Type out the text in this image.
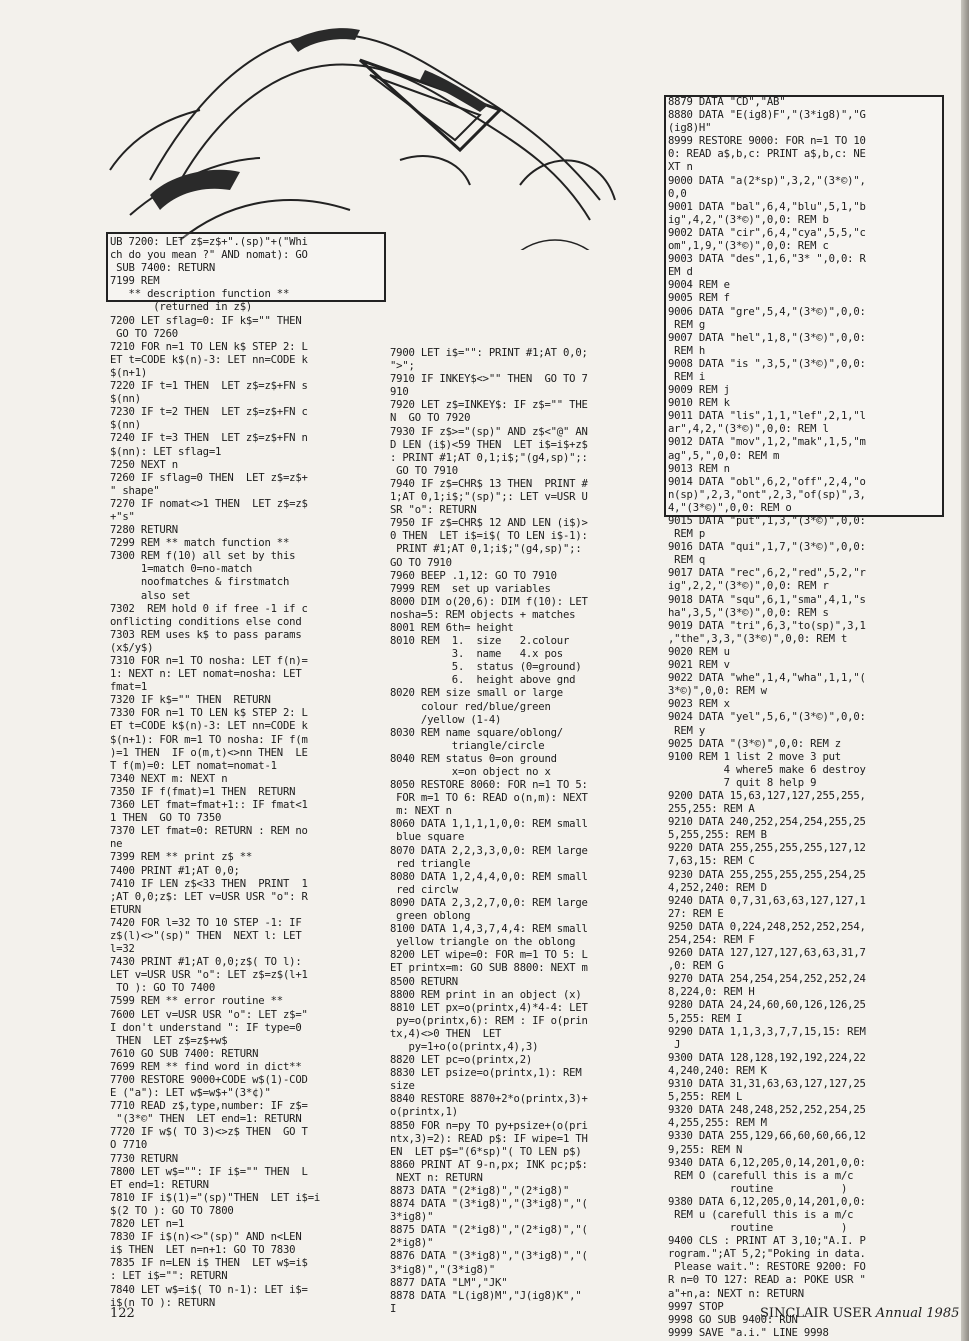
UB 7200: LET z$=z$+".(sp)"+("Whi
ch do you mean ?" AND nomat): GO
SUB 7400: RETURN
7199 REM
** description function **
(returned in z$)
7200 LET sflag=0: IF k$="" THEN
GO TO 7260
7210 FOR n=1 TO LEN k$ STEP 2: L
ET t=CODE k$(n)-3: LET nn=CODE k
$(n+1)
7220 IF t=1 THEN  LET z$=z$+FN s
$(nn)
7230 IF t=2 THEN  LET z$=z$+FN c
$(nn)
7240 IF t=3 THEN  LET z$=z$+FN n
$(nn): LET sflag=1
7250 NEXT n
7260 IF sflag=0 THEN  LET z$=z$+
" shape"
7270 IF nomat<>1 THEN  LET z$=z$
+"s"
7280 RETURN
7299 REM ** match function **
7300 REM f(10) all set by this
1=match 0=no-match
noofmatches & firstmatch
also set
7302  REM hold 0 if free -1 if c
onflicting conditions else cond
7303 REM uses k$ to pass params
(x$/y$)
7310 FOR n=1 TO nosha: LET f(n)=
1: NEXT n: LET nomat=nosha: LET
fmat=1
7320 IF k$="" THEN  RETURN
7330 FOR n=1 TO LEN k$ STEP 2: L
ET t=CODE k$(n)-3: LET nn=CODE k
$(n+1): FOR m=1 TO nosha: IF f(m
)=1 THEN  IF o(m,t)<>nn THEN  LE
T f(m)=0: LET nomat=nomat-1
7340 NEXT m: NEXT n
7350 IF f(fmat)=1 THEN  RETURN
7360 LET fmat=fmat+1:: IF fmat<1
1 THEN  GO TO 7350
7370 LET fmat=0: RETURN : REM no
ne
7399 REM ** print z$ **
7400 PRINT #1;AT 0,0;
7410 IF LEN z$<33 THEN  PRINT  1
;AT 0,0;z$: LET v=USR USR "o": R
ETURN
7420 FOR l=32 TO 10 STEP -1: IF
z$(l)<>"(sp)" THEN  NEXT l: LET
l=32
7430 PRINT #1;AT 0,0;z$( TO l):
LET v=USR USR "o": LET z$=z$(l+1
TO ): GO TO 7400
7599 REM ** error routine **
7600 LET v=USR USR "o": LET z$="
I don't understand ": IF type=0
THEN  LET z$=z$+w$
7610 GO SUB 7400: RETURN
7699 REM ** find word in dict**
7700 RESTORE 9000+CODE w$(1)-COD
E ("a"): LET w$=w$+"(3*¢)"
7710 READ z$,type,number: IF z$=
"(3*©" THEN  LET end=1: RETURN
7720 IF w$( TO 3)<>z$ THEN  GO T
O 7710
7730 RETURN
7800 LET w$="": IF i$="" THEN  L
ET end=1: RETURN
7810 IF i$(1)="(sp)"THEN  LET i$=i
$(2 TO ): GO TO 7800
7820 LET n=1
7830 IF i$(n)<>"(sp)" AND n<LEN
i$ THEN  LET n=n+1: GO TO 7830
7835 IF n=LEN i$ THEN  LET w$=i$
: LET i$="": RETURN
7840 LET w$=i$( TO n-1): LET i$=
i$(n TO ): RETURN
7900 LET i$="": PRINT #1;AT 0,0;
">";
7910 IF INKEY$<>"" THEN  GO TO 7
910
7920 LET z$=INKEY$: IF z$="" THE
N  GO TO 7920
7930 IF z$>="(sp)" AND z$<"@" AN
D LEN (i$)<59 THEN  LET i$=i$+z$
: PRINT #1;AT 0,1;i$;"(g4,sp)";:
GO TO 7910
7940 IF z$=CHR$ 13 THEN  PRINT #
1;AT 0,1;i$;"(sp)";: LET v=USR U
SR "o": RETURN
7950 IF z$=CHR$ 12 AND LEN (i$)>
0 THEN  LET i$=i$( TO LEN i$-1):
PRINT #1;AT 0,1;i$;"(g4,sp)";:
GO TO 7910
7960 BEEP .1,12: GO TO 7910
7999 REM  set up variables
8000 DIM o(20,6): DIM f(10): LET
nosha=5: REM objects + matches
8001 REM 6th= height
8010 REM  1.  size   2.colour
3.  name   4.x pos
5.  status (0=ground)
6.  height above gnd
8020 REM size small or large
colour red/blue/green
/yellow (1-4)
8030 REM name square/oblong/
triangle/circle
8040 REM status 0=on ground
x=on object no x
8050 RESTORE 8060: FOR n=1 TO 5:
FOR m=1 TO 6: READ o(n,m): NEXT
m: NEXT n
8060 DATA 1,1,1,1,0,0: REM small
blue square
8070 DATA 2,2,3,3,0,0: REM large
red triangle
8080 DATA 1,2,4,4,0,0: REM small
red circlw
8090 DATA 2,3,2,7,0,0: REM large
green oblong
8100 DATA 1,4,3,7,4,4: REM small
yellow triangle on the oblong
8200 LET wipe=0: FOR m=1 TO 5: L
ET printx=m: GO SUB 8800: NEXT m
8500 RETURN
8800 REM print in an object (x)
8810 LET px=o(printx,4)*4-4: LET
py=o(printx,6): REM : IF o(prin
tx,4)<>0 THEN  LET
py=1+o(o(printx,4),3)
8820 LET pc=o(printx,2)
8830 LET psize=o(printx,1): REM
size
8840 RESTORE 8870+2*o(printx,3)+
o(printx,1)
8850 FOR n=py TO py+psize+(o(pri
ntx,3)=2): READ p$: IF wipe=1 TH
EN  LET p$="(6*sp)"( TO LEN p$)
8860 PRINT AT 9-n,px; INK pc;p$:
NEXT n: RETURN
8873 DATA "(2*ig8)","(2*ig8)"
8874 DATA "(3*ig8)","(3*ig8)","(
3*ig8)"
8875 DATA "(2*ig8)","(2*ig8)","(
2*ig8)"
8876 DATA "(3*ig8)","(3*ig8)","(
3*ig8)","(3*ig8)"
8877 DATA "LM","JK"
8878 DATA "L(ig8)M","J(ig8)K","
I
8879 DATA "CD","AB"
8880 DATA "E(ig8)F","(3*ig8)","G
(ig8)H"
8999 RESTORE 9000: FOR n=1 TO 10
0: READ a$,b,c: PRINT a$,b,c: NE
XT n
9000 DATA "a(2*sp)",3,2,"(3*©)",
0,0
9001 DATA "bal",6,4,"blu",5,1,"b
ig",4,2,"(3*©)",0,0: REM b
9002 DATA "cir",6,4,"cya",5,5,"c
om",1,9,"(3*©)",0,0: REM c
9003 DATA "des",1,6,"3* ",0,0: R
EM d
9004 REM e
9005 REM f
9006 DATA "gre",5,4,"(3*©)",0,0:
REM g
9007 DATA "hel",1,8,"(3*©)",0,0:
REM h
9008 DATA "is ",3,5,"(3*©)",0,0:
REM i
9009 REM j
9010 REM k
9011 DATA "lis",1,1,"lef",2,1,"l
ar",4,2,"(3*©)",0,0: REM l
9012 DATA "mov",1,2,"mak",1,5,"m
ag",5,",0,0: REM m
9013 REM n
9014 DATA "obl",6,2,"off",2,4,"o
n(sp)",2,3,"ont",2,3,"of(sp)",3,
4,"(3*©)",0,0: REM o
9015 DATA "put",1,3,"(3*©)",0,0:
REM p
9016 DATA "qui",1,7,"(3*©)",0,0:
REM q
9017 DATA "rec",6,2,"red",5,2,"r
ig",2,2,"(3*©)",0,0: REM r
9018 DATA "squ",6,1,"sma",4,1,"s
ha",3,5,"(3*©)",0,0: REM s
9019 DATA "tri",6,3,"to(sp)",3,1
,"the",3,3,"(3*©)",0,0: REM t
9020 REM u
9021 REM v
9022 DATA "whe",1,4,"wha",1,1,"(
3*©)",0,0: REM w
9023 REM x
9024 DATA "yel",5,6,"(3*©)",0,0:
REM y
9025 DATA "(3*©)",0,0: REM z
9100 REM 1 list 2 move 3 put
4 where5 make 6 destroy
7 quit 8 help 9
9200 DATA 15,63,127,127,255,255,
255,255: REM A
9210 DATA 240,252,254,254,255,25
5,255,255: REM B
9220 DATA 255,255,255,255,127,12
7,63,15: REM C
9230 DATA 255,255,255,255,254,25
4,252,240: REM D
9240 DATA 0,7,31,63,63,127,127,1
27: REM E
9250 DATA 0,224,248,252,252,254,
254,254: REM F
9260 DATA 127,127,127,63,63,31,7
,0: REM G
9270 DATA 254,254,254,252,252,24
8,224,0: REM H
9280 DATA 24,24,60,60,126,126,25
5,255: REM I
9290 DATA 1,1,3,3,7,7,15,15: REM
J
9300 DATA 128,128,192,192,224,22
4,240,240: REM K
9310 DATA 31,31,63,63,127,127,25
5,255: REM L
9320 DATA 248,248,252,252,254,25
4,255,255: REM M
9330 DATA 255,129,66,60,60,66,12
9,255: REM N
9340 DATA 6,12,205,0,14,201,0,0:
REM O (carefull this is a m/c
routine           )
9380 DATA 6,12,205,0,14,201,0,0:
REM u (carefull this is a m/c
routine           )
9400 CLS : PRINT AT 3,10;"A.I. P
rogram.";AT 5,2;"Poking in data.
Please wait.": RESTORE 9200: FO
R n=0 TO 127: READ a: POKE USR "
a"+n,a: NEXT n: RETURN
9997 STOP
9998 GO SUB 9400: RUN
9999 SAVE "a.i." LINE 9998
122	SINCLAIR USER Annual 1985
